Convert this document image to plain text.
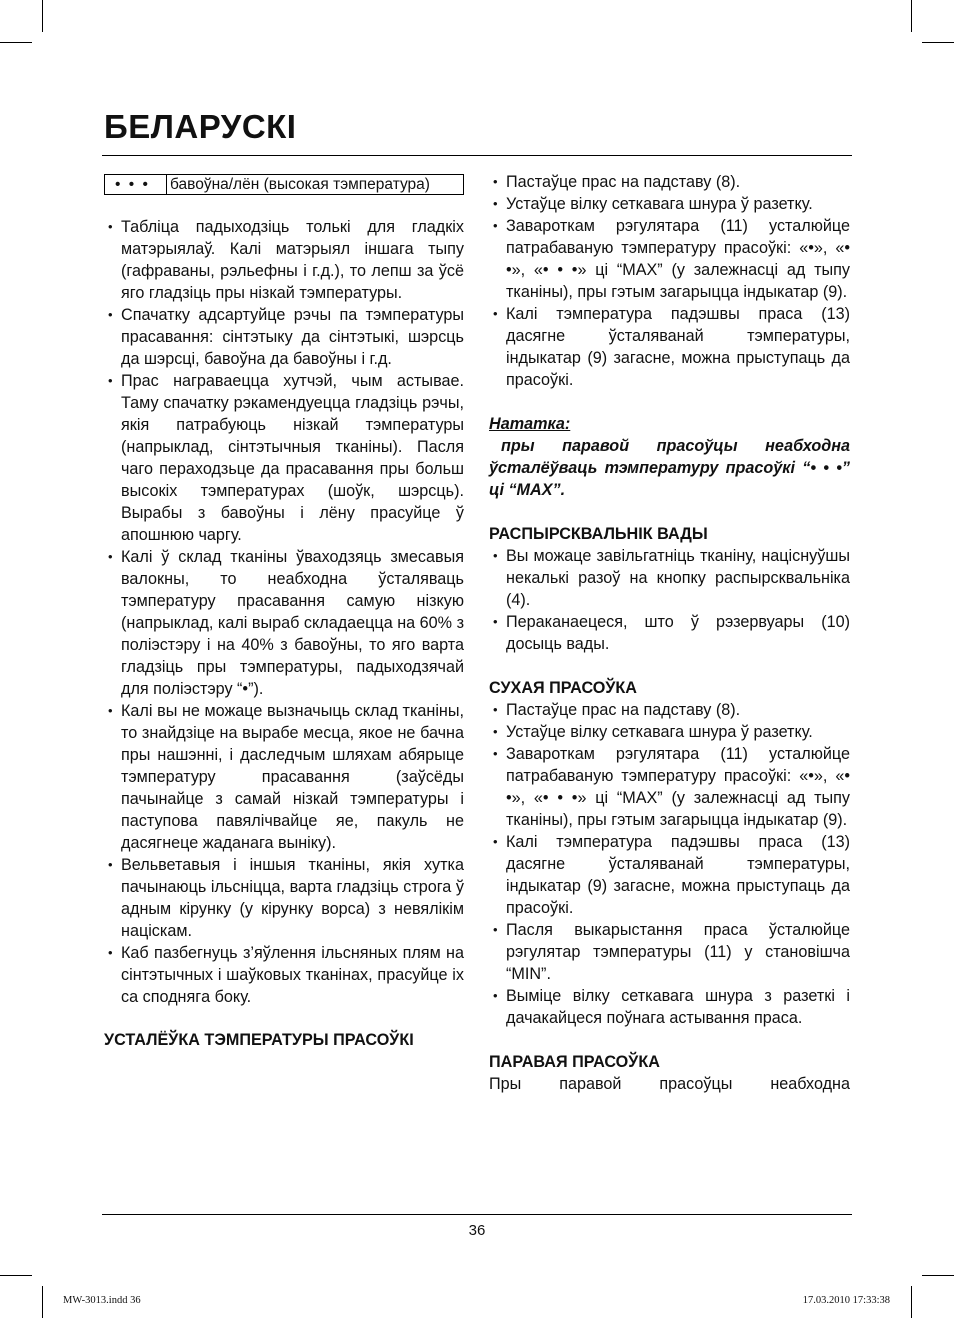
БЕЛАРУСКІ
• • •	бавоўна/лён (высокая тэмпература)
• Табліца падыходзіць толькі для гладкіх матэрыялаў. Калі матэрыял іншага тыпу (гафраваны, рэльефны і г.д.), то лепш за ўсё яго гладзіць пры нізкай тэмпературы.
• Спачатку адсартуйце рэчы па тэмпературы прасавання: сінтэтыку да сінтэтыкі, шэрсць да шэрсці, бавоўна да бавоўны і г.д.
• Прас награваецца хутчэй, чым астывае. Таму спачатку рэкамендуецца гладзіць рэчы, якія патрабуюць нізкай тэмпературы (напрыклад, сінтэтычныя тканіны). Пасля чаго пераходзьце да прасавання пры больш высокіх тэмпературах (шоўк, шэрсць). Вырабы з бавоўны і лёну прасуйце ў апошнюю чаргу.
• Калі ў склад тканіны ўваходзяць змесавыя валокны, то неабходна ўсталяваць тэмпературу прасавання самую нізкую (напрыклад, калі выраб складаецца на 60% з поліэстэру і на 40% з бавоўны, то яго варта гладзіць пры тэмпературы, падыходзячай для поліэстэру “•”).
• Калі вы не можаце вызначыць склад тканіны, то знайдзіце на вырабе месца, якое не бачна пры нашэнні, і даследчым шляхам абярыце тэмпературу прасавання (заўсёды пачынайце з самай нізкай тэмпературы і паступова павялічвайце яе, пакуль не дасягнеце жаданага выніку).
• Вельветавыя і іншыя тканіны, якія хутка пачынаюць ільсніцца, варта гладзіць строга ў адным кірунку (у кірунку ворса) з невялікім націскам.
• Каб пазбегнуць з’яўлення ільсняных плям на сінтэтычных і шаўковых тканінах, прасуйце іх са споднягa боку.
УСТАЛЁЎКА ТЭМПЕРАТУРЫ ПРАСОЎКІ
• Пастаўце прас на падставу (8).
• Устаўце вілку сеткавага шнура ў разетку.
• Завароткам рэгулятара (11) усталюйце патрабаваную тэмпературу прасоўкі: «•», «• •», «• • •» ці “MAX” (у залежнасці ад тыпу тканіны), пры гэтым загарыцца індыкатар (9).
• Калі тэмпература падэшвы праса (13) дасягне ўсталяванай тэмпературы, індыкатар (9) загасне, можна прыступаць да прасоўкі.
Нататка:
пры паравой прасоўцы неабходна ўсталёўваць тэмпературу прасоўкі “• • •” ці “MAX”.
РАСПЫРСКВАЛЬНІК ВАДЫ
• Вы можаце завільгатніць тканіну, націснуўшы некалькі разоў на кнопку распырсквальніка (4).
• Пераканаецеся, што ў рэзервуары (10) досыць вады.
СУХАЯ ПРАСОЎКА
• Пастаўце прас на падставу (8).
• Устаўце вілку сеткавага шнура ў разетку.
• Завароткам рэгулятара (11) усталюйце патрабаваную тэмпературу прасоўкі: «•», «• •», «• • •» ці “MAX” (у залежнасці ад тыпу тканіны), пры гэтым загарыцца індыкатар (9).
• Калі тэмпература падэшвы праса (13) дасягне ўсталяванай тэмпературы, індыкатар (9) загасне, можна прыступаць да прасоўкі.
• Пасля выкарыстання праса ўсталюйце рэгулятар тэмпературы (11) у становішча “MIN”.
• Выміце вілку сеткавага шнура з разеткі і дачакайцеся поўнага астывання праса.
ПАРАВАЯ ПРАСОЎКА
Пры паравой прасоўцы неабходна
36
MW-3013.indd 36	17.03.2010 17:33:38
